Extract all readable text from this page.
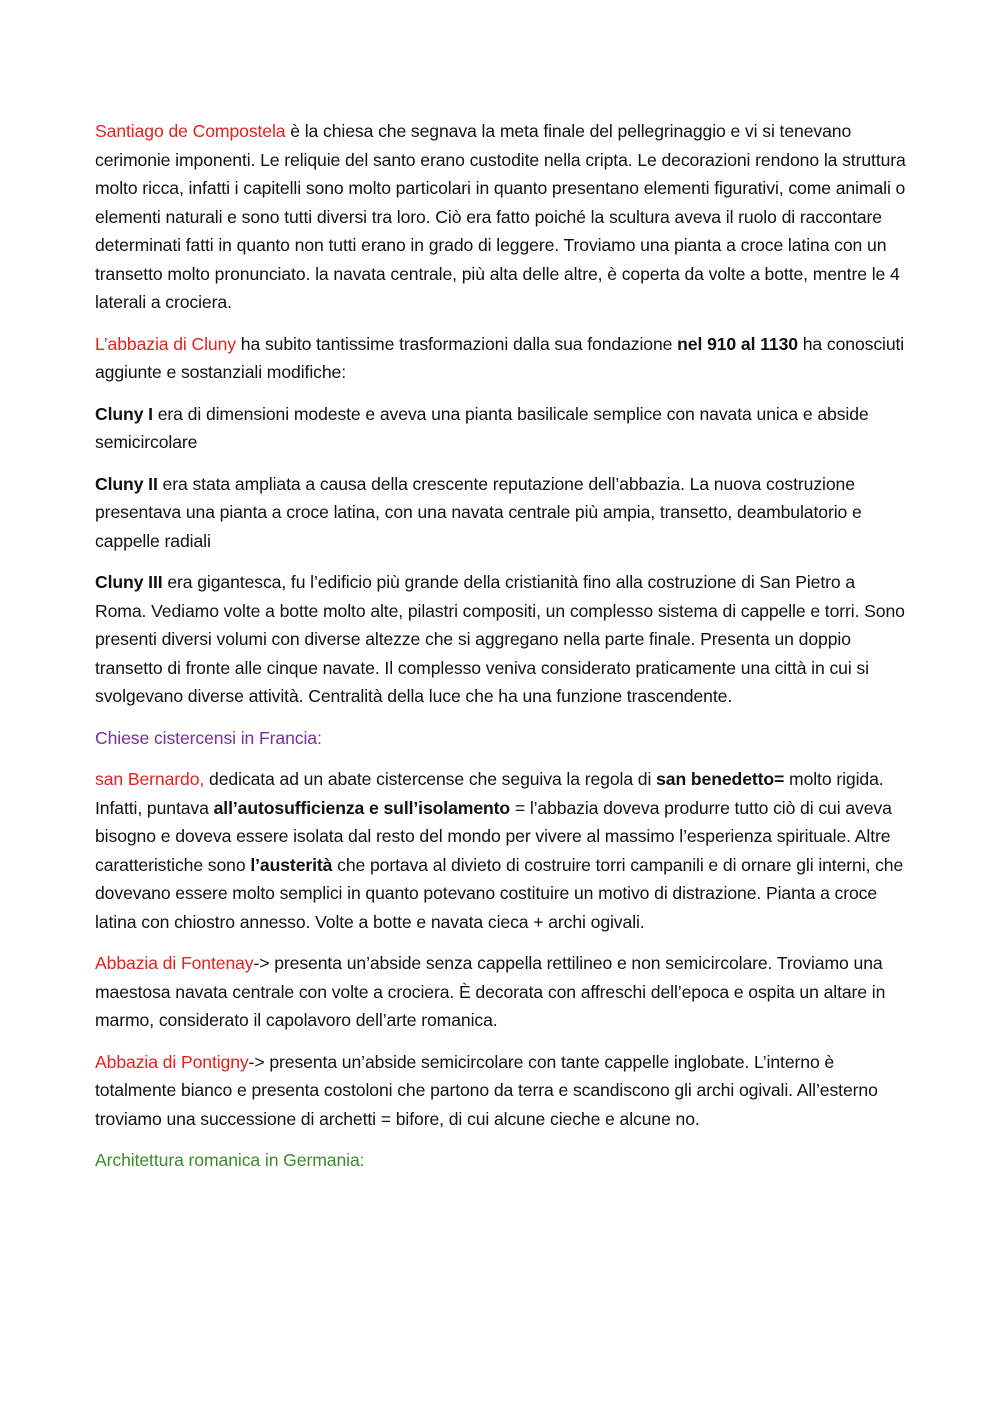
Santiago de Compostela è la chiesa che segnava la meta finale del pellegrinaggio e vi si tenevano cerimonie imponenti. Le reliquie del santo erano custodite nella cripta. Le decorazioni rendono la struttura molto ricca, infatti i capitelli sono molto particolari in quanto presentano elementi figurativi, come animali o elementi naturali e sono tutti diversi tra loro. Ciò era fatto poiché la scultura aveva il ruolo di raccontare determinati fatti in quanto non tutti erano in grado di leggere. Troviamo una pianta a croce latina con un transetto molto pronunciato. la navata centrale, più alta delle altre, è coperta da volte a botte, mentre le 4 laterali a crociera.

L’abbazia di Cluny ha subito tantissime trasformazioni dalla sua fondazione nel 910 al 1130 ha conosciuti aggiunte e sostanziali modifiche:

Cluny I era di dimensioni modeste e aveva una pianta basilicale semplice con navata unica e abside semicircolare

Cluny II era stata ampliata a causa della crescente reputazione dell’abbazia. La nuova costruzione presentava una pianta a croce latina, con una navata centrale più ampia, transetto, deambulatorio e cappelle radiali

Cluny III era gigantesca, fu l’edificio più grande della cristianità fino alla costruzione di San Pietro a Roma. Vediamo volte a botte molto alte, pilastri compositi, un complesso sistema di cappelle e torri. Sono presenti diversi volumi con diverse altezze che si aggregano nella parte finale. Presenta un doppio transetto di fronte alle cinque navate. Il complesso veniva considerato praticamente una città in cui si svolgevano diverse attività. Centralità della luce che ha una funzione trascendente.

Chiese cistercensi in Francia:

san Bernardo, dedicata ad un abate cistercense che seguiva la regola di san benedetto= molto rigida. Infatti, puntava all’autosufficienza e sull’isolamento = l’abbazia doveva produrre tutto ciò di cui aveva bisogno e doveva essere isolata dal resto del mondo per vivere al massimo l’esperienza spirituale. Altre caratteristiche sono l’austerità che portava al divieto di costruire torri campanili e di ornare gli interni, che dovevano essere molto semplici in quanto potevano costituire un motivo di distrazione. Pianta a croce latina con chiostro annesso. Volte a botte e navata cieca + archi ogivali.

Abbazia di Fontenay-> presenta un’abside senza cappella rettilineo e non semicircolare. Troviamo una maestosa navata centrale con volte a crociera. È decorata con affreschi dell’epoca e ospita un altare in marmo, considerato il capolavoro dell’arte romanica.

Abbazia di Pontigny-> presenta un’abside semicircolare con tante cappelle inglobate. L’interno è totalmente bianco e presenta costoloni che partono da terra e scandiscono gli archi ogivali. All’esterno troviamo una successione di archetti = bifore, di cui alcune cieche e alcune no.

Architettura romanica in Germania:
